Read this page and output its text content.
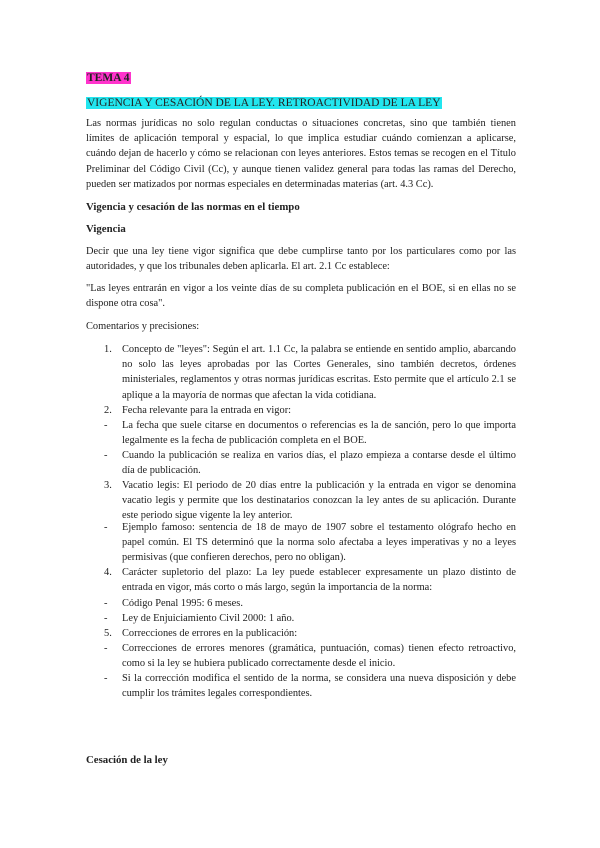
TEMA 4
VIGENCIA Y CESACIÓN DE LA LEY. RETROACTIVIDAD DE LA LEY

Las normas jurídicas no solo regulan conductas o situaciones concretas, sino que también tienen límites de aplicación temporal y espacial, lo que implica estudiar cuándo comienzan a aplicarse, cuándo dejan de hacerlo y cómo se relacionan con leyes anteriores. Estos temas se recogen en el Título Preliminar del Código Civil (Cc), y aunque tienen validez general para todas las ramas del Derecho, pueden ser matizados por normas especiales en determinadas materias (art. 4.3 Cc).

Vigencia y cesación de las normas en el tiempo

Vigencia

Decir que una ley tiene vigor significa que debe cumplirse tanto por los particulares como por las autoridades, y que los tribunales deben aplicarla. El art. 2.1 Cc establece:

"Las leyes entrarán en vigor a los veinte días de su completa publicación en el BOE, si en ellas no se dispone otra cosa".

Comentarios y precisiones:

1. Concepto de "leyes": Según el art. 1.1 Cc, la palabra se entiende en sentido amplio, abarcando no solo las leyes aprobadas por las Cortes Generales, sino también decretos, órdenes ministeriales, reglamentos y otras normas jurídicas escritas. Esto permite que el artículo 2.1 se aplique a la mayoría de normas que afectan la vida cotidiana.
2. Fecha relevante para la entrada en vigor:
-	La fecha que suele citarse en documentos o referencias es la de sanción, pero lo que importa legalmente es la fecha de publicación completa en el BOE.
-	Cuando la publicación se realiza en varios días, el plazo empieza a contarse desde el último día de publicación.
3. Vacatio legis: El periodo de 20 días entre la publicación y la entrada en vigor se denomina vacatio legis y permite que los destinatarios conozcan la ley antes de su aplicación. Durante este periodo sigue vigente la ley anterior.
-	Ejemplo famoso: sentencia de 18 de mayo de 1907 sobre el testamento ológrafo hecho en papel común. El TS determinó que la norma solo afectaba a leyes imperativas y no a leyes permisivas (que confieren derechos, pero no obligan).
4. Carácter supletorio del plazo: La ley puede establecer expresamente un plazo distinto de entrada en vigor, más corto o más largo, según la importancia de la norma:
-	Código Penal 1995: 6 meses.
-	Ley de Enjuiciamiento Civil 2000: 1 año.
5. Correcciones de errores en la publicación:
-	Correcciones de errores menores (gramática, puntuación, comas) tienen efecto retroactivo, como si la ley se hubiera publicado correctamente desde el inicio.
-	Si la corrección modifica el sentido de la norma, se considera una nueva disposición y debe cumplir los trámites legales correspondientes.

Cesación de la ley
